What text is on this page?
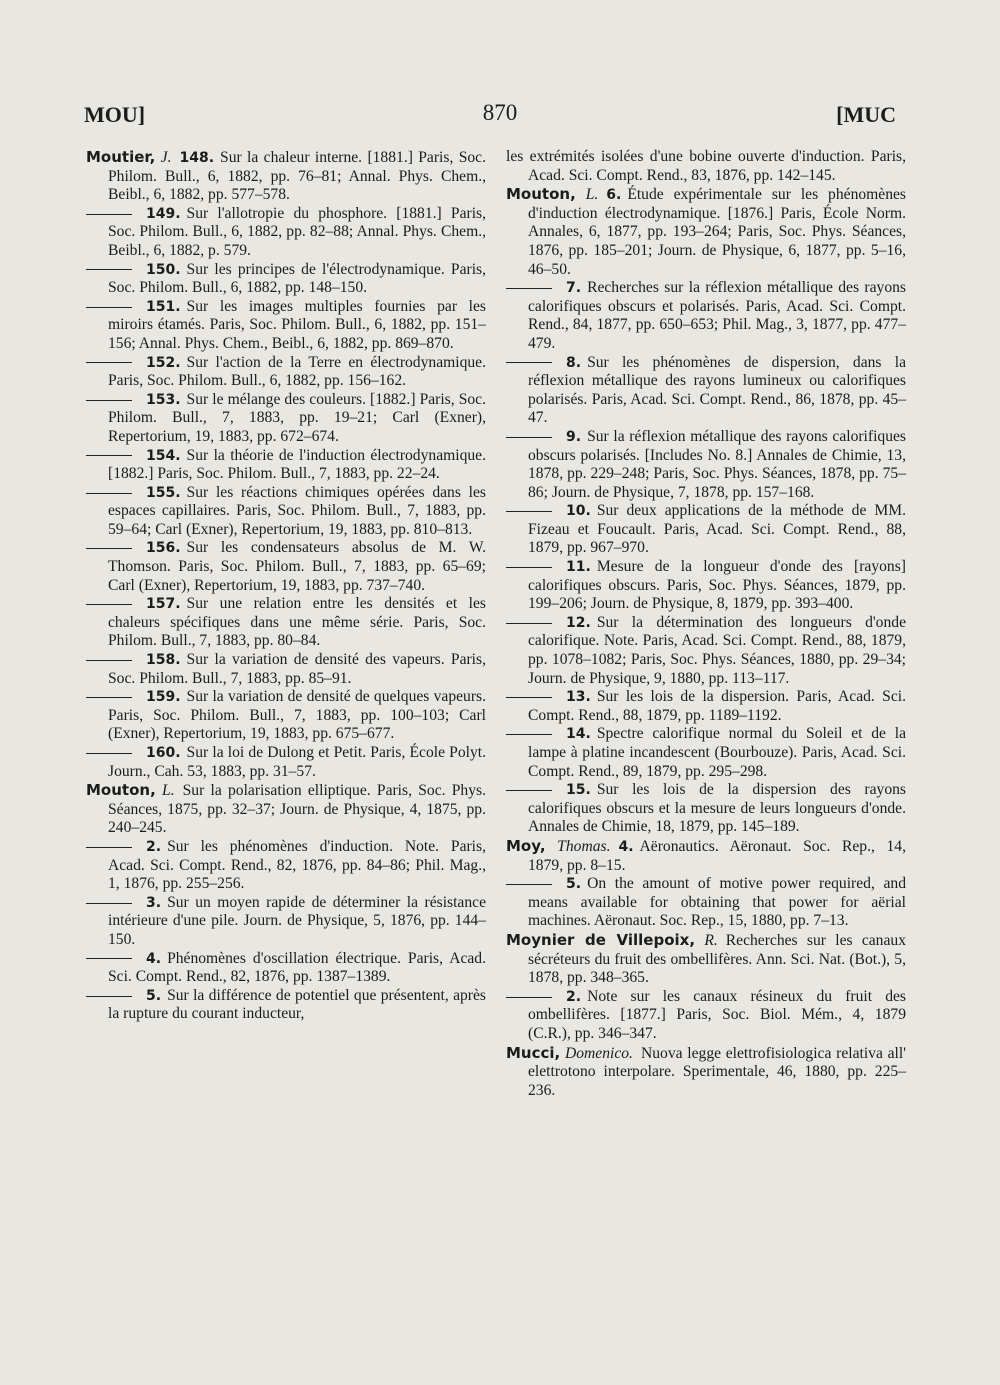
MOU]	870	[MUC

Moutier, J. 148. Sur la chaleur interne. [1881.] Paris, Soc. Philom. Bull., 6, 1882, pp. 76–81; Annal. Phys. Chem., Beibl., 6, 1882, pp. 577–578.

149. Sur l'allotropie du phosphore. [1881.] Paris, Soc. Philom. Bull., 6, 1882, pp. 82–88; Annal. Phys. Chem., Beibl., 6, 1882, p. 579.

150. Sur les principes de l'électrodynamique. Paris, Soc. Philom. Bull., 6, 1882, pp. 148–150.

151. Sur les images multiples fournies par les miroirs étamés. Paris, Soc. Philom. Bull., 6, 1882, pp. 151–156; Annal. Phys. Chem., Beibl., 6, 1882, pp. 869–870.

152. Sur l'action de la Terre en électrodynamique. Paris, Soc. Philom. Bull., 6, 1882, pp. 156–162.

153. Sur le mélange des couleurs. [1882.] Paris, Soc. Philom. Bull., 7, 1883, pp. 19–21; Carl (Exner), Repertorium, 19, 1883, pp. 672–674.

154. Sur la théorie de l'induction électrodynamique. [1882.] Paris, Soc. Philom. Bull., 7, 1883, pp. 22–24.

155. Sur les réactions chimiques opérées dans les espaces capillaires. Paris, Soc. Philom. Bull., 7, 1883, pp. 59–64; Carl (Exner), Repertorium, 19, 1883, pp. 810–813.

156. Sur les condensateurs absolus de M. W. Thomson. Paris, Soc. Philom. Bull., 7, 1883, pp. 65–69; Carl (Exner), Repertorium, 19, 1883, pp. 737–740.

157. Sur une relation entre les densités et les chaleurs spécifiques dans une même série. Paris, Soc. Philom. Bull., 7, 1883, pp. 80–84.

158. Sur la variation de densité des vapeurs. Paris, Soc. Philom. Bull., 7, 1883, pp. 85–91.

159. Sur la variation de densité de quelques vapeurs. Paris, Soc. Philom. Bull., 7, 1883, pp. 100–103; Carl (Exner), Repertorium, 19, 1883, pp. 675–677.

160. Sur la loi de Dulong et Petit. Paris, École Polyt. Journ., Cah. 53, 1883, pp. 31–57.

Mouton, L. Sur la polarisation elliptique. Paris, Soc. Phys. Séances, 1875, pp. 32–37; Journ. de Physique, 4, 1875, pp. 240–245.

2. Sur les phénomènes d'induction. Note. Paris, Acad. Sci. Compt. Rend., 82, 1876, pp. 84–86; Phil. Mag., 1, 1876, pp. 255–256.

3. Sur un moyen rapide de déterminer la résistance intérieure d'une pile. Journ. de Physique, 5, 1876, pp. 144–150.

4. Phénomènes d'oscillation électrique. Paris, Acad. Sci. Compt. Rend., 82, 1876, pp. 1387–1389.

5. Sur la différence de potentiel que présentent, après la rupture du courant inducteur,

les extrémités isolées d'une bobine ouverte d'induction. Paris, Acad. Sci. Compt. Rend., 83, 1876, pp. 142–145.

Mouton, L. 6. Étude expérimentale sur les phénomènes d'induction électrodynamique. [1876.] Paris, École Norm. Annales, 6, 1877, pp. 193–264; Paris, Soc. Phys. Séances, 1876, pp. 185–201; Journ. de Physique, 6, 1877, pp. 5–16, 46–50.

7. Recherches sur la réflexion métallique des rayons calorifiques obscurs et polarisés. Paris, Acad. Sci. Compt. Rend., 84, 1877, pp. 650–653; Phil. Mag., 3, 1877, pp. 477–479.

8. Sur les phénomènes de dispersion, dans la réflexion métallique des rayons lumineux ou calorifiques polarisés. Paris, Acad. Sci. Compt. Rend., 86, 1878, pp. 45–47.

9. Sur la réflexion métallique des rayons calorifiques obscurs polarisés. [Includes No. 8.] Annales de Chimie, 13, 1878, pp. 229–248; Paris, Soc. Phys. Séances, 1878, pp. 75–86; Journ. de Physique, 7, 1878, pp. 157–168.

10. Sur deux applications de la méthode de MM. Fizeau et Foucault. Paris, Acad. Sci. Compt. Rend., 88, 1879, pp. 967–970.

11. Mesure de la longueur d'onde des [rayons] calorifiques obscurs. Paris, Soc. Phys. Séances, 1879, pp. 199–206; Journ. de Physique, 8, 1879, pp. 393–400.

12. Sur la détermination des longueurs d'onde calorifique. Note. Paris, Acad. Sci. Compt. Rend., 88, 1879, pp. 1078–1082; Paris, Soc. Phys. Séances, 1880, pp. 29–34; Journ. de Physique, 9, 1880, pp. 113–117.

13. Sur les lois de la dispersion. Paris, Acad. Sci. Compt. Rend., 88, 1879, pp. 1189–1192.

14. Spectre calorifique normal du Soleil et de la lampe à platine incandescent (Bourbouze). Paris, Acad. Sci. Compt. Rend., 89, 1879, pp. 295–298.

15. Sur les lois de la dispersion des rayons calorifiques obscurs et la mesure de leurs longueurs d'onde. Annales de Chimie, 18, 1879, pp. 145–189.

Moy, Thomas. 4. Aëronautics. Aëronaut. Soc. Rep., 14, 1879, pp. 8–15.

5. On the amount of motive power required, and means available for obtaining that power for aërial machines. Aëronaut. Soc. Rep., 15, 1880, pp. 7–13.

Moynier de Villepoix, R. Recherches sur les canaux sécréteurs du fruit des ombellifères. Ann. Sci. Nat. (Bot.), 5, 1878, pp. 348–365.

2. Note sur les canaux résineux du fruit des ombellifères. [1877.] Paris, Soc. Biol. Mém., 4, 1879 (C.R.), pp. 346–347.

Mucci, Domenico. Nuova legge elettrofisiologica relativa all' elettrotono interpolare. Sperimentale, 46, 1880, pp. 225–236.
